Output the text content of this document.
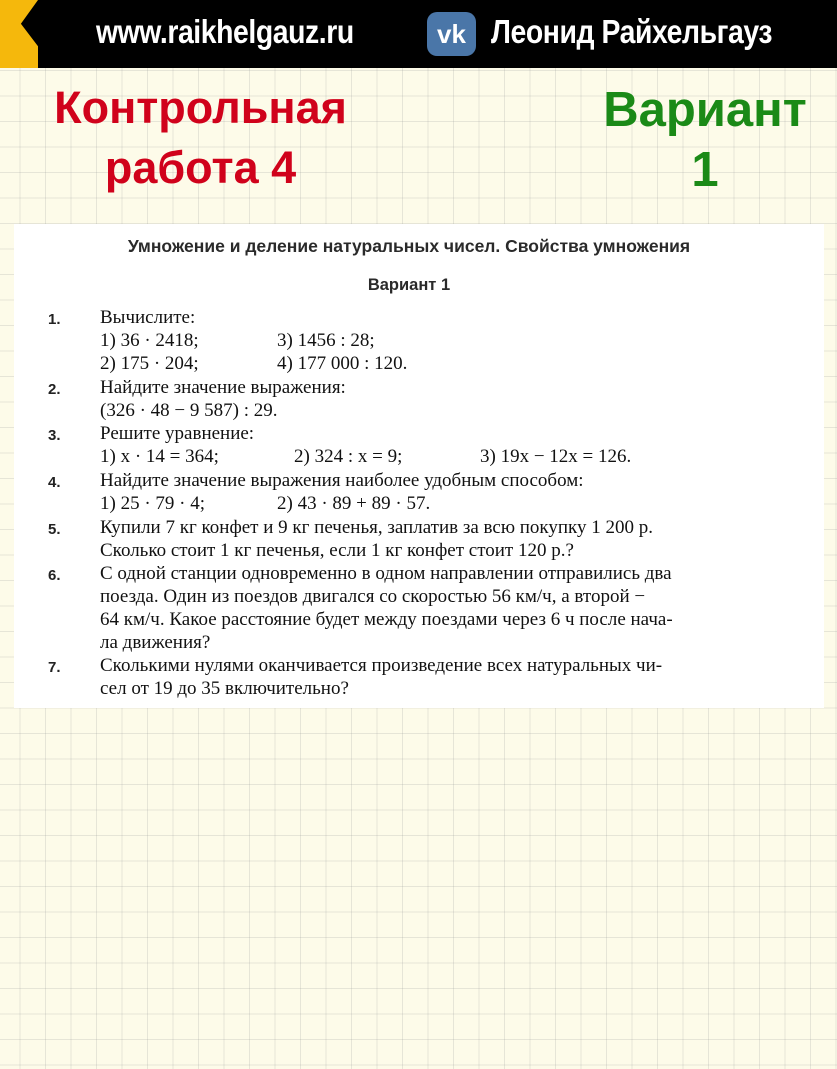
www.raikhelgauz.ru	vk Леонид Райхельгауз
Контрольная
работа 4
Вариант
1
Умножение и деление натуральных чисел. Свойства умножения
Вариант 1
1. Вычислите:
1) 36 · 2418;	3) 1456 : 28;
2) 175 · 204;	4) 177 000 : 120.
2. Найдите значение выражения:
(326 · 48 − 9 587) : 29.
3. Решите уравнение:
1) x · 14 = 364;	2) 324 : x = 9;	3) 19x − 12x = 126.
4. Найдите значение выражения наиболее удобным способом:
1) 25 · 79 · 4;	2) 43 · 89 + 89 · 57.
5. Купили 7 кг конфет и 9 кг печенья, заплатив за всю покупку 1 200 р.
Сколько стоит 1 кг печенья, если 1 кг конфет стоит 120 р.?
6. С одной станции одновременно в одном направлении отправились два
поезда. Один из поездов двигался со скоростью 56 км/ч, а второй −
64 км/ч. Какое расстояние будет между поездами через 6 ч после нача-
ла движения?
7. Сколькими нулями оканчивается произведение всех натуральных чи-
сел от 19 до 35 включительно?
